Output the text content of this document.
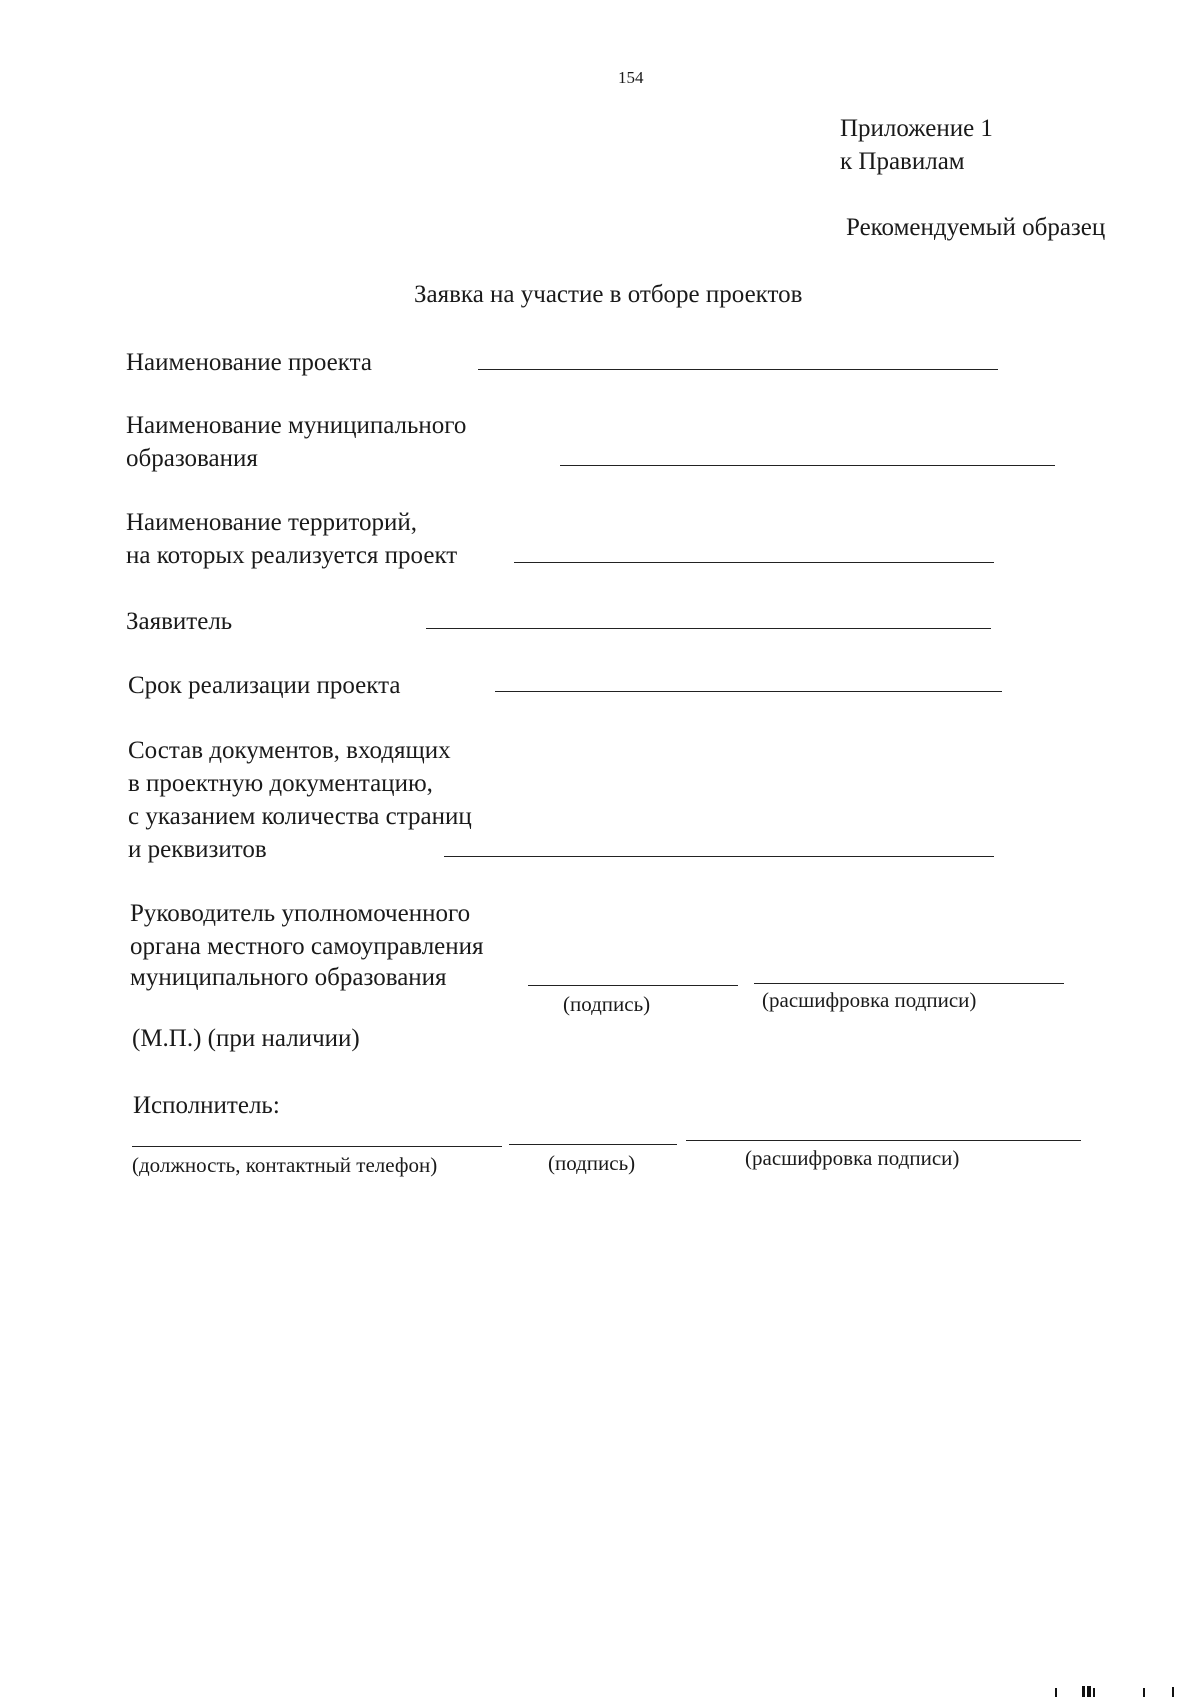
154
Приложение 1
к Правилам
Рекомендуемый образец
Заявка на участие в отборе проектов
Наименование проекта
Наименование муниципального
образования
Наименование территорий,
на которых реализуется проект
Заявитель
Срок реализации проекта
Состав документов, входящих
в проектную документацию,
с указанием количества страниц
и реквизитов
Руководитель уполномоченного
органа местного самоуправления
муниципального образования
(подпись)	(расшифровка подписи)
(М.П.) (при наличии)
Исполнитель:
(должность, контактный телефон)	(подпись)	(расшифровка подписи)
